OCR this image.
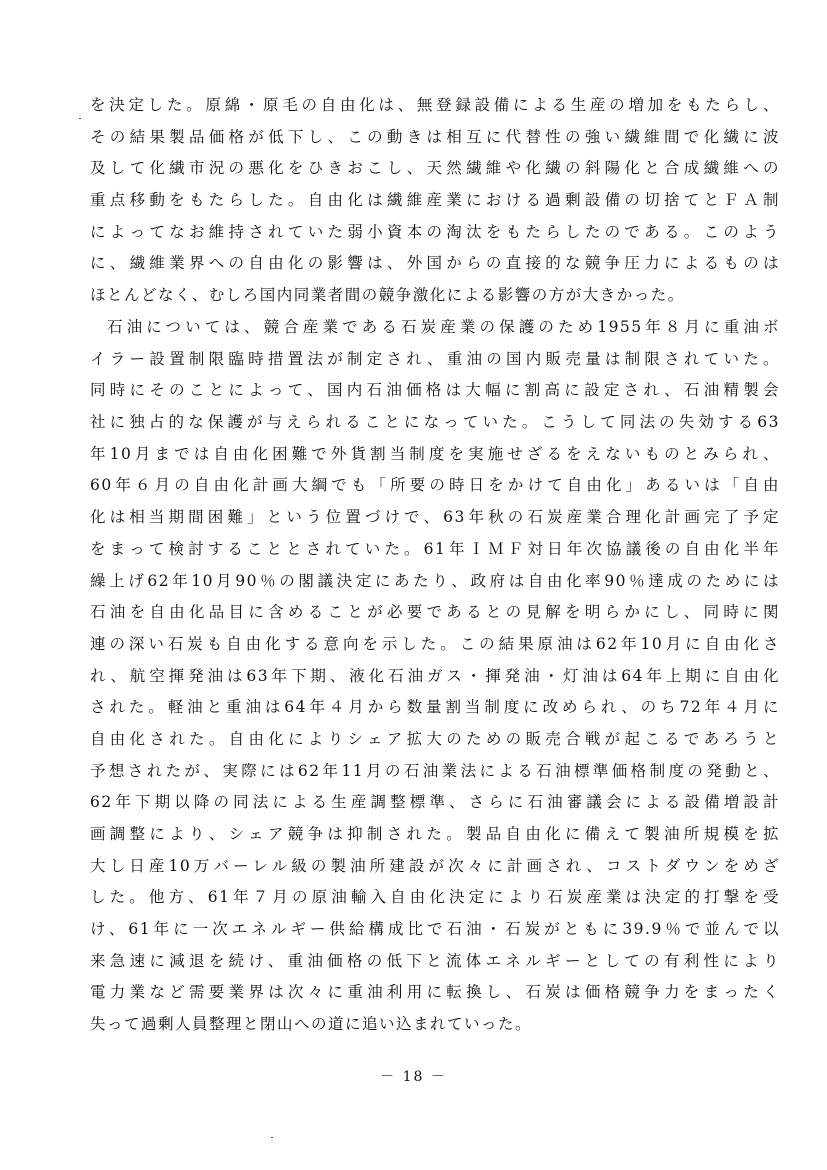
を決定した。原綿・原毛の自由化は、無登録設備による生産の増加をもたらし、
その結果製品価格が低下し、この動きは相互に代替性の強い繊維間で化繊に波
及して化繊市況の悪化をひきおこし、天然繊維や化繊の斜陽化と合成繊維への
重点移動をもたらした。自由化は繊維産業における過剰設備の切捨てとＦＡ制
によってなお維持されていた弱小資本の淘汰をもたらしたのである。このよう
に、繊維業界への自由化の影響は、外国からの直接的な競争圧力によるものは
ほとんどなく、むしろ国内同業者間の競争激化による影響の方が大きかった。
石油については、競合産業である石炭産業の保護のため1955年８月に重油ボ
イラー設置制限臨時措置法が制定され、重油の国内販売量は制限されていた。
同時にそのことによって、国内石油価格は大幅に割高に設定され、石油精製会
社に独占的な保護が与えられることになっていた。こうして同法の失効する63
年10月までは自由化困難で外貨割当制度を実施せざるをえないものとみられ、
60年６月の自由化計画大綱でも「所要の時日をかけて自由化」あるいは「自由
化は相当期間困難」という位置づけで、63年秋の石炭産業合理化計画完了予定
をまって検討することとされていた。61年ＩＭＦ対日年次協議後の自由化半年
繰上げ62年10月90％の閣議決定にあたり、政府は自由化率90％達成のためには
石油を自由化品目に含めることが必要であるとの見解を明らかにし、同時に関
連の深い石炭も自由化する意向を示した。この結果原油は62年10月に自由化さ
れ、航空揮発油は63年下期、液化石油ガス・揮発油・灯油は64年上期に自由化
された。軽油と重油は64年４月から数量割当制度に改められ、のち72年４月に
自由化された。自由化によりシェア拡大のための販売合戦が起こるであろうと
予想されたが、実際には62年11月の石油業法による石油標準価格制度の発動と、
62年下期以降の同法による生産調整標準、さらに石油審議会による設備増設計
画調整により、シェア競争は抑制された。製品自由化に備えて製油所規模を拡
大し日産10万バーレル級の製油所建設が次々に計画され、コストダウンをめざ
した。他方、61年７月の原油輸入自由化決定により石炭産業は決定的打撃を受
け、61年に一次エネルギー供給構成比で石油・石炭がともに39.9％で並んで以
来急速に減退を続け、重油価格の低下と流体エネルギーとしての有利性により
電力業など需要業界は次々に重油利用に転換し、石炭は価格競争力をまったく
失って過剰人員整理と閉山への道に追い込まれていった。
－ 18 －
